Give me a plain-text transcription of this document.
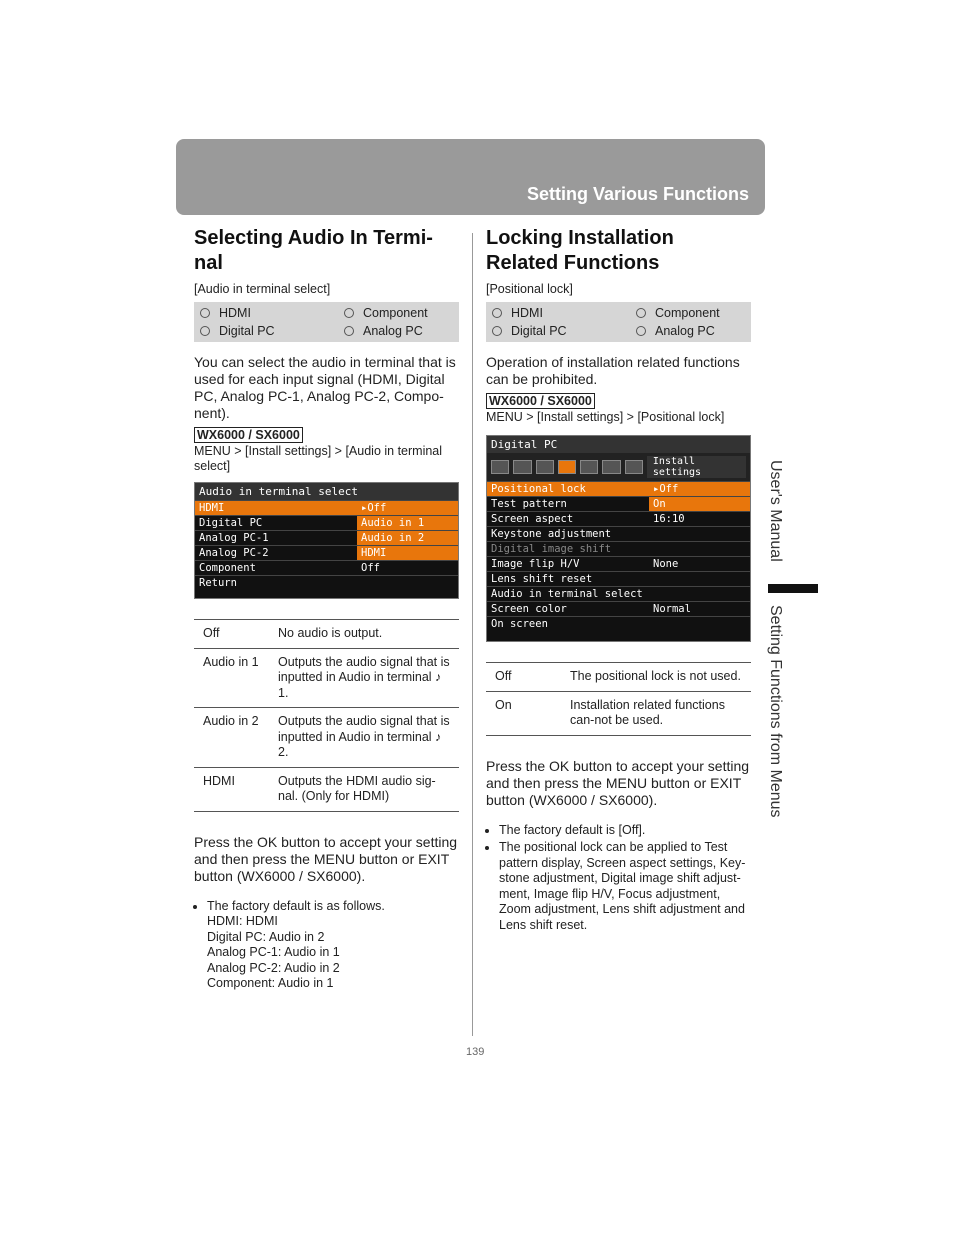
Setting Various Functions
Selecting Audio In Termi-
nal
[Audio in terminal select]
HDMI	Component
Digital PC	Analog PC
You can select the audio in terminal that is used for each input signal (HDMI, Digital PC, Analog PC-1, Analog PC-2, Compo-nent).
WX6000 / SX6000
MENU > [Install settings] > [Audio in terminal select]
Audio in terminal select
HDMI	▸Off
Digital PC	Audio in 1
Analog PC-1	Audio in 2
Analog PC-2	HDMI
Component	Off
Return
Off	No audio is output.
Audio in 1	Outputs the audio signal that is inputted in Audio in terminal ♪ 1.
Audio in 2	Outputs the audio signal that is inputted in Audio in terminal ♪ 2.
HDMI	Outputs the HDMI audio sig-nal. (Only for HDMI)
Press the OK button to accept your setting and then press the MENU button or EXIT button (WX6000 / SX6000).
• The factory default is as follows.
HDMI: HDMI
Digital PC: Audio in 2
Analog PC-1: Audio in 1
Analog PC-2: Audio in 2
Component: Audio in 1
Locking Installation
Related Functions
[Positional lock]
HDMI	Component
Digital PC	Analog PC
Operation of installation related functions can be prohibited.
WX6000 / SX6000
MENU > [Install settings] > [Positional lock]
Digital PC
Install settings
Positional lock	▸Off
Test pattern	On
Screen aspect	16:10
Keystone adjustment
Digital image shift
Image flip H/V	None
Lens shift reset
Audio in terminal select
Screen color	Normal
On screen
Off	The positional lock is not used.
On	Installation related functions can-not be used.
Press the OK button to accept your setting and then press the MENU button or EXIT button (WX6000 / SX6000).
• The factory default is [Off].
• The positional lock can be applied to Test pattern display, Screen aspect settings, Key-stone adjustment, Digital image shift adjust-ment, Image flip H/V, Focus adjustment, Zoom adjustment, Lens shift adjustment and Lens shift reset.
User's Manual
Setting Functions from Menus
139
